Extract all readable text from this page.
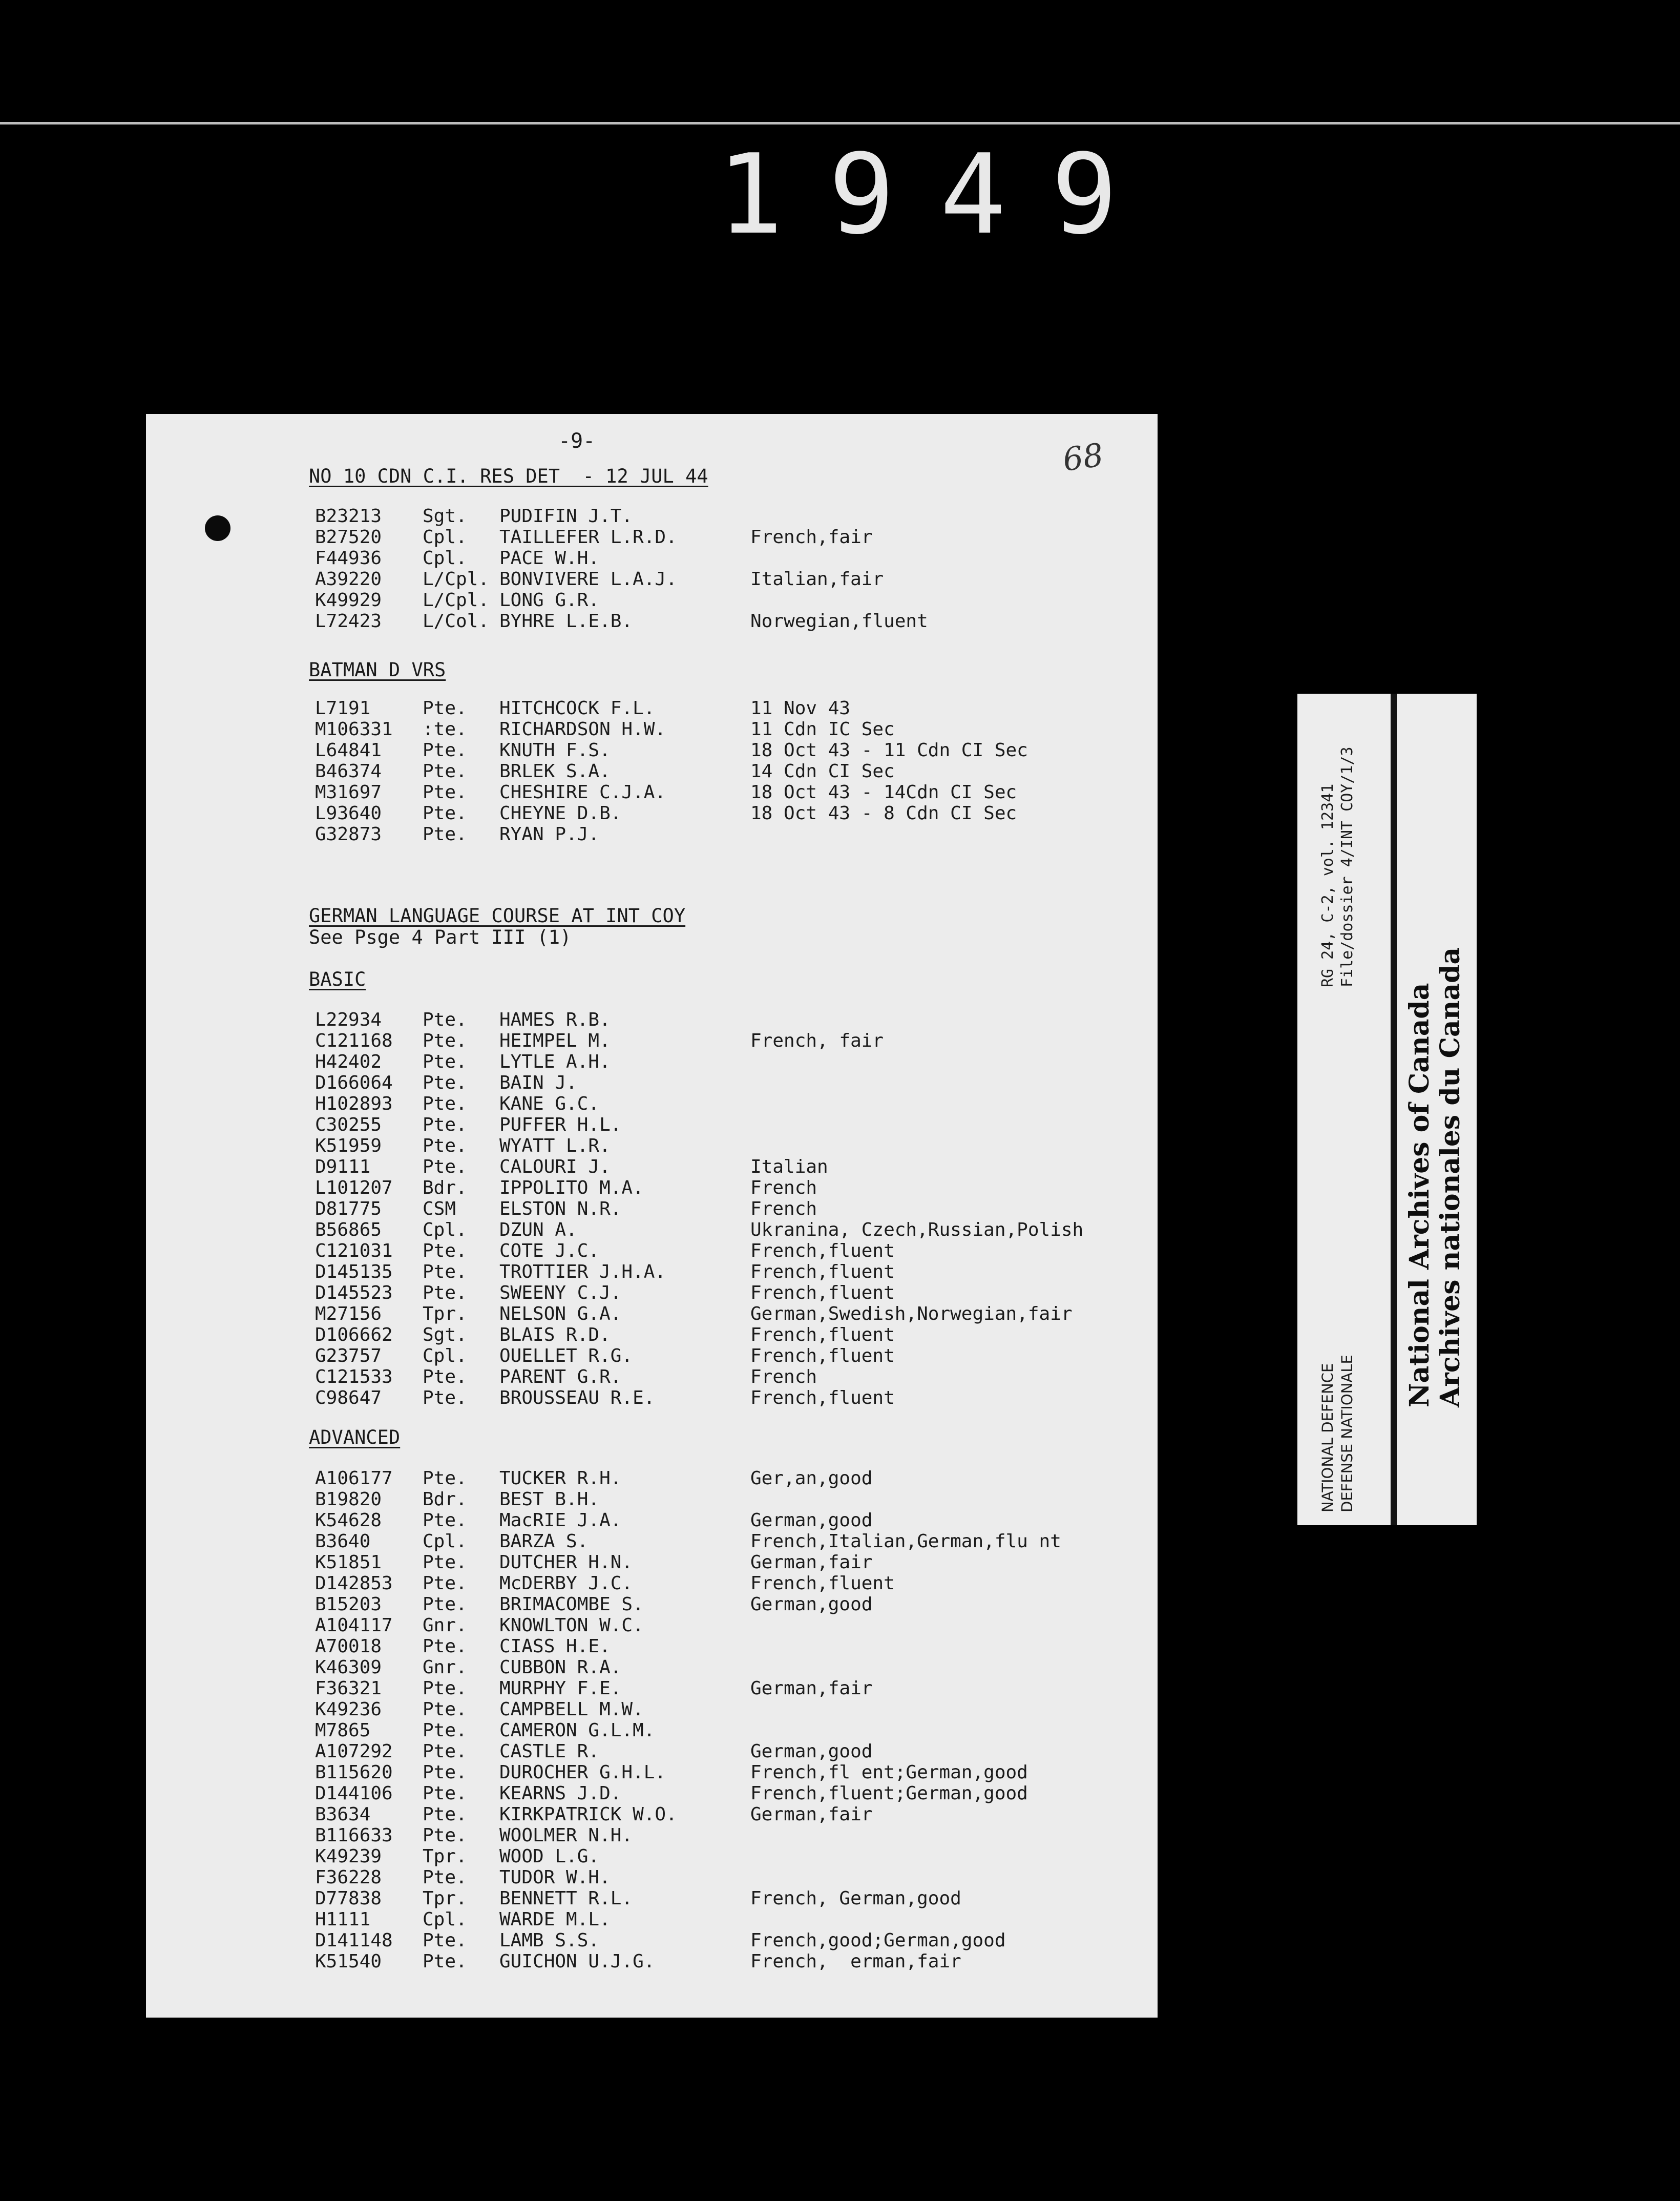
1949
-9-	68
NO 10 CDN C.I. RES DET  - 12 JUL 44
B23213 Sgt. PUDIFIN J.T.
B27520 Cpl. TAILLEFER L.R.D.	French,fair
F44936 Cpl. PACE W.H.
A39220 L/Cpl. BONVIVERE L.A.J.	Italian,fair
K49929 L/Cpl. LONG G.R.
L72423 L/Col. BYHRE L.E.B.	Norwegian,fluent
BATMAN D VRS
L7191	Pte. HITCHCOCK F.L.	11 Nov 43
M106331 :te. RICHARDSON H.W.	11 Cdn IC Sec
L64841 Pte. KNUTH F.S.	18 Oct 43 - 11 Cdn CI Sec
B46374 Pte. BRLEK S.A.	14 Cdn CI Sec
M31697 Pte. CHESHIRE C.J.A.	18 Oct 43 - 14Cdn CI Sec
L93640 Pte. CHEYNE D.B.	18 Oct 43 - 8 Cdn CI Sec
G32873 Pte. RYAN P.J.
GERMAN LANGUAGE COURSE AT INT COY
See Psge 4 Part III (1)
BASIC
L22934 Pte. HAMES R.B.
C121168 Pte. HEIMPEL M.	French, fair
H42402 Pte. LYTLE A.H.
D166064 Pte. BAIN J.
H102893 Pte. KANE G.C.
C30255 Pte. PUFFER H.L.
K51959 Pte. WYATT L.R.
D9111	Pte. CALOURI J.	Italian
L101207 Bdr. IPPOLITO M.A.	French
D81775 CSM ELSTON N.R.	French
B56865 Cpl. DZUN A.	Ukranina, Czech,Russian,Polish
C121031 Pte. COTE J.C.	French,fluent
D145135 Pte. TROTTIER J.H.A.	French,fluent
D145523 Pte. SWEENY C.J.	French,fluent
M27156 Tpr. NELSON G.A.	German,Swedish,Norwegian,fair
D106662 Sgt. BLAIS R.D.	French,fluent
G23757 Cpl. OUELLET R.G.	French,fluent
C121533 Pte. PARENT G.R.	French
C98647 Pte. BROUSSEAU R.E.	French,fluent
ADVANCED
A106177 Pte. TUCKER R.H.	Ger,an,good
B19820 Bdr. BEST B.H.
K54628 Pte. MacRIE J.A.	German,good
B3640	Cpl. BARZA S.	French,Italian,German,flu nt
K51851 Pte. DUTCHER H.N.	German,fair
D142853 Pte. McDERBY J.C.	French,fluent
B15203 Pte. BRIMACOMBE S.	German,good
A104117 Gnr. KNOWLTON W.C.
A70018 Pte. CIASS H.E.
K46309 Gnr. CUBBON R.A.
F36321 Pte. MURPHY F.E.	German,fair
K49236 Pte. CAMPBELL M.W.
M7865	Pte. CAMERON G.L.M.
A107292 Pte. CASTLE R.	German,good
B115620 Pte. DUROCHER G.H.L.	French,fl ent;German,good
D144106 Pte. KEARNS J.D.	French,fluent;German,good
B3634	Pte. KIRKPATRICK W.O.	German,fair
B116633 Pte. WOOLMER N.H.
K49239 Tpr. WOOD L.G.
F36228 Pte. TUDOR W.H.
D77838 Tpr. BENNETT R.L.	French, German,good
H1111	Cpl. WARDE M.L.
D141148 Pte. LAMB S.S.	French,good;German,good
K51540 Pte. GUICHON U.J.G.	French,  erman,fair
NATIONAL DEFENCE DEFENSE NATIONALE
RG 24, C-2, vol. 12341 File/dossier 4/INT COY/1/3
National Archives of Canada Archives nationales du Canada
